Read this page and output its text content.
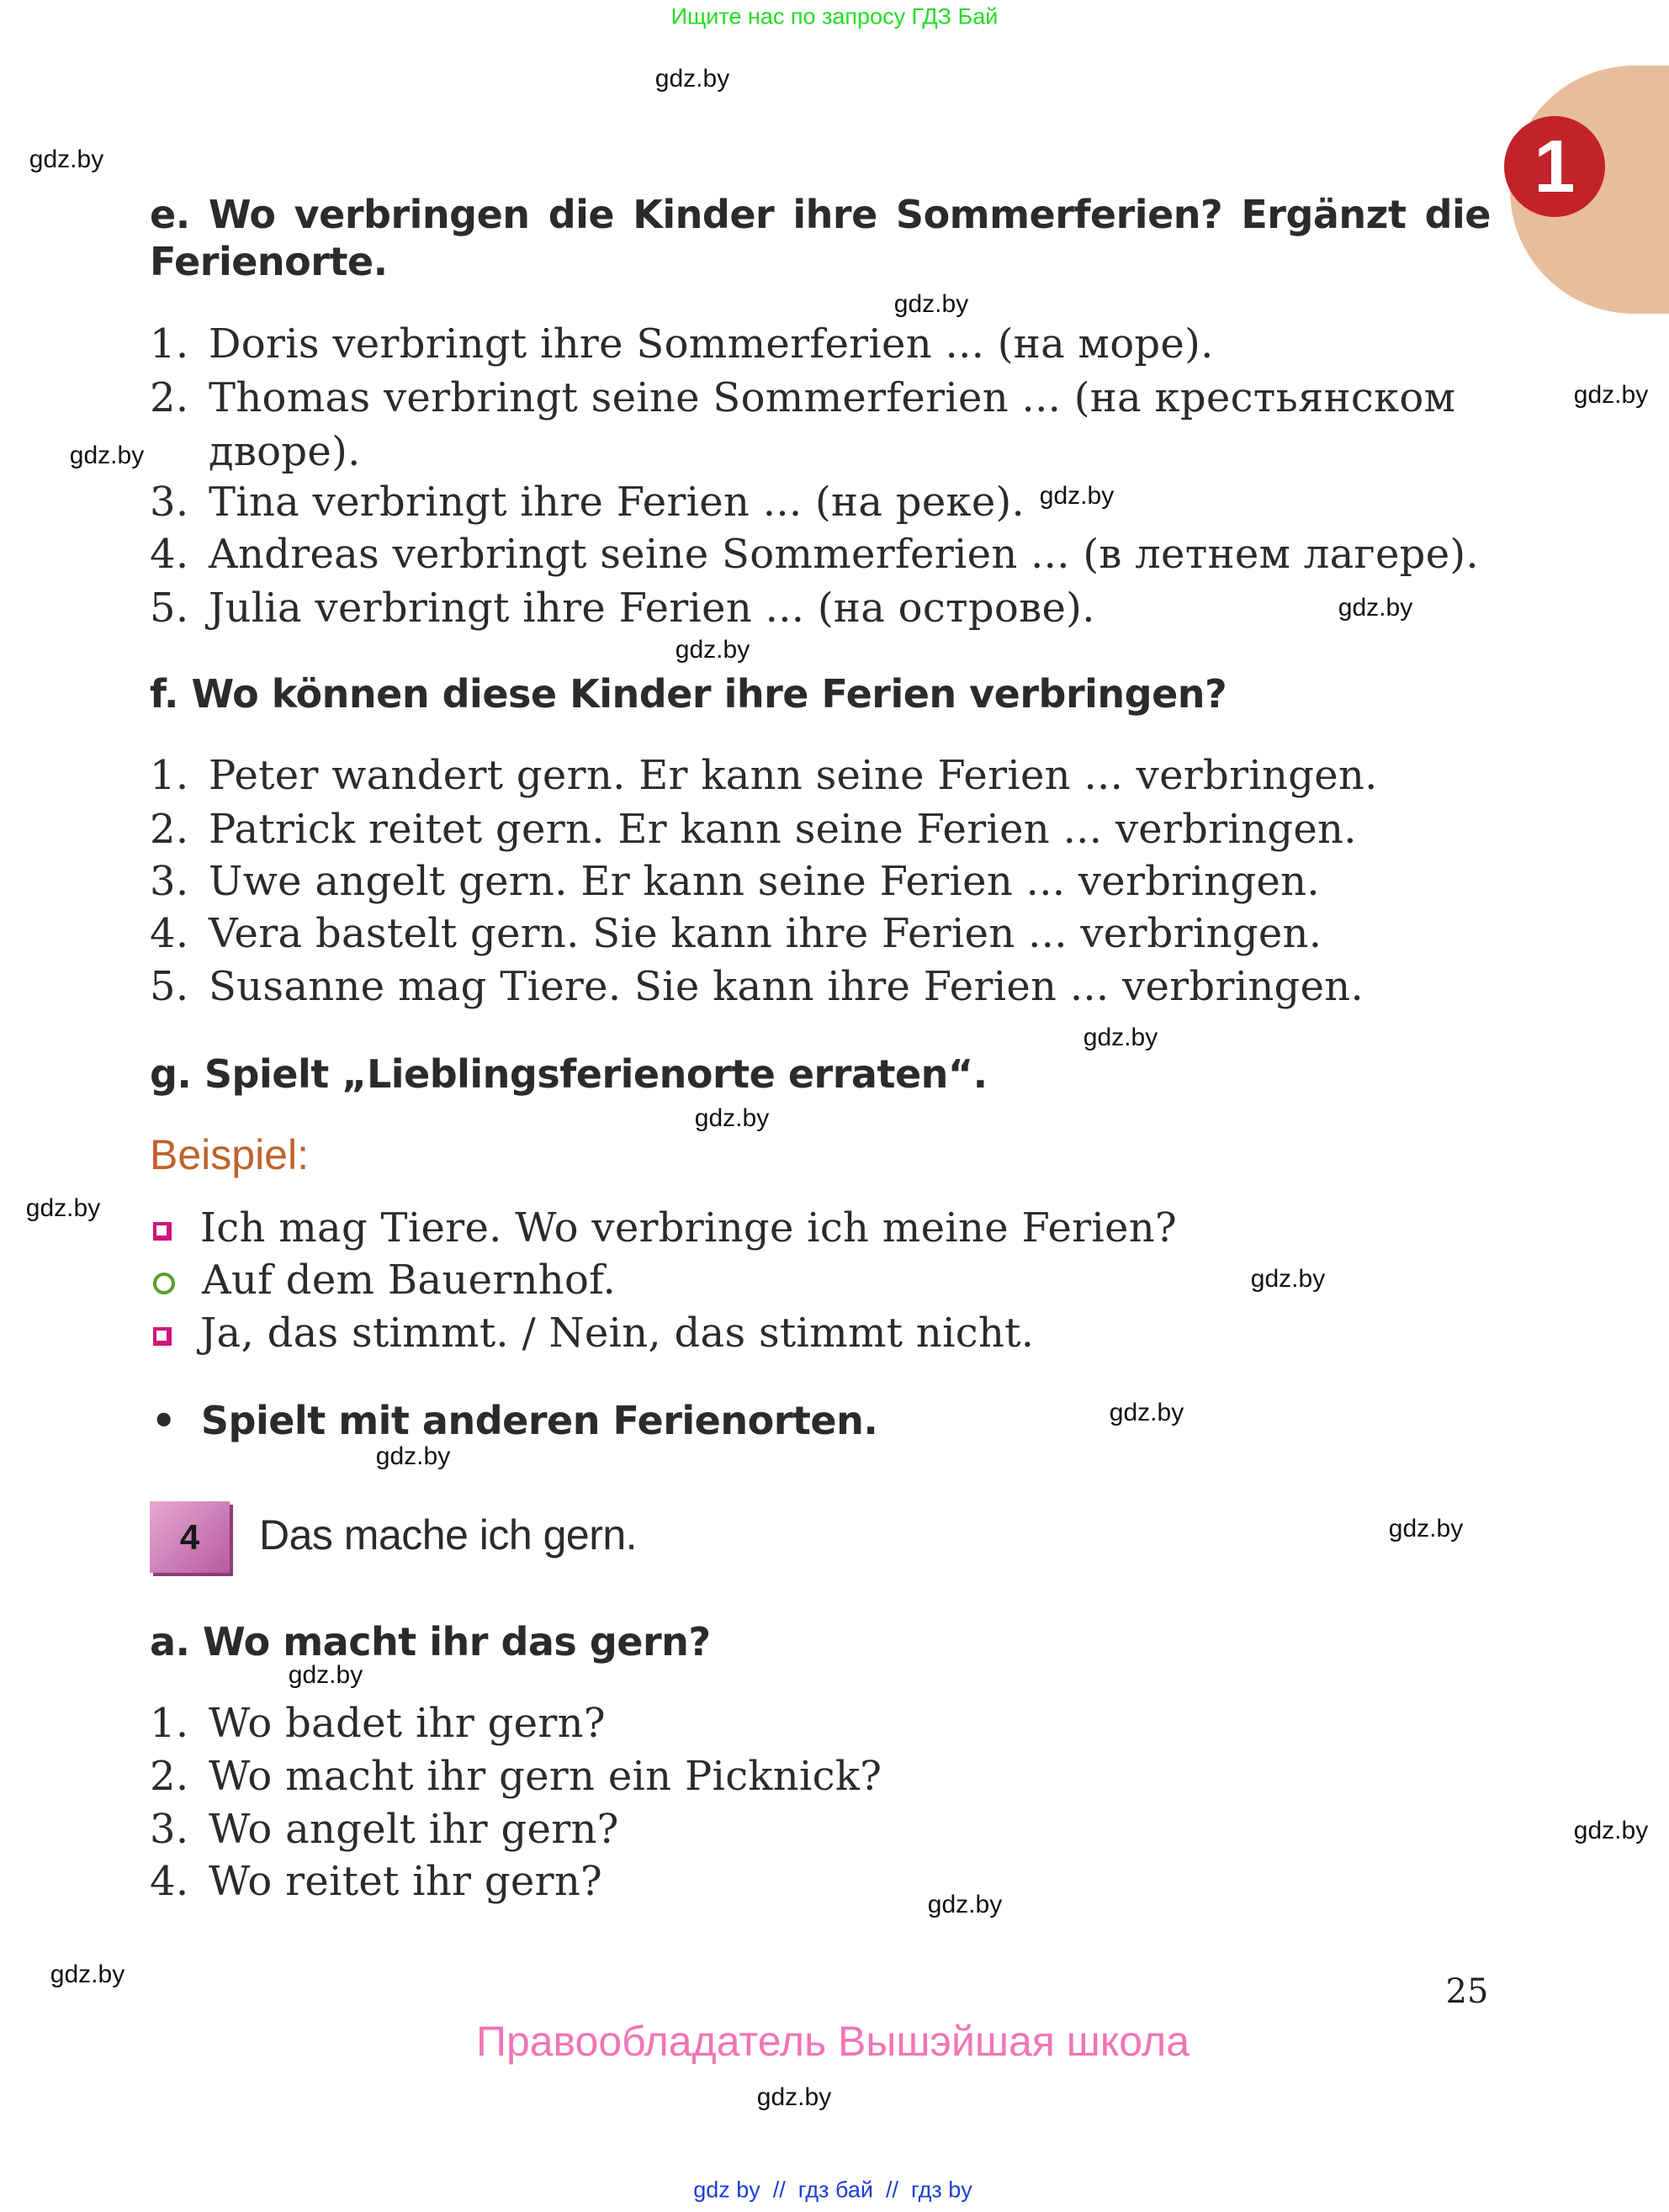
Ищите нас по запросу ГДЗ Бай
1
e. Wo verbringen die Kinder ihre Sommerferien? Ergänzt die
Ferienorte.
1. Doris verbringt ihre Sommerferien ... (на море).
2. Thomas verbringt seine Sommerferien ... (на крестьянском
дворе).
3. Tina verbringt ihre Ferien ... (на реке).
4. Andreas verbringt seine Sommerferien ... (в летнем лагере).
5. Julia verbringt ihre Ferien ... (на острове).
f. Wo können diese Kinder ihre Ferien verbringen?
1. Peter wandert gern. Er kann seine Ferien ... verbringen.
2. Patrick reitet gern. Er kann seine Ferien ... verbringen.
3. Uwe angelt gern. Er kann seine Ferien ... verbringen.
4. Vera bastelt gern. Sie kann ihre Ferien ... verbringen.
5. Susanne mag Tiere. Sie kann ihre Ferien ... verbringen.
g. Spielt „Lieblingsferienorte erraten“.
Beispiel:
Ich mag Tiere. Wo verbringe ich meine Ferien?
Auf dem Bauernhof.
Ja, das stimmt. / Nein, das stimmt nicht.
• Spielt mit anderen Ferienorten.
4	Das mache ich gern.
a. Wo macht ihr das gern?
1. Wo badet ihr gern?
2. Wo macht ihr gern ein Picknick?
3. Wo angelt ihr gern?
4. Wo reitet ihr gern?
25
Правообладатель Вышэйшая школа
gdz by  //  гдз бай  //  гдз by
gdz.by
gdz.by
gdz.by
gdz.by
gdz.by
gdz.by
gdz.by
gdz.by
gdz.by
gdz.by
gdz.by
gdz.by
gdz.by
gdz.by
gdz.by
gdz.by
gdz.by
gdz.by
gdz.by
gdz.by
